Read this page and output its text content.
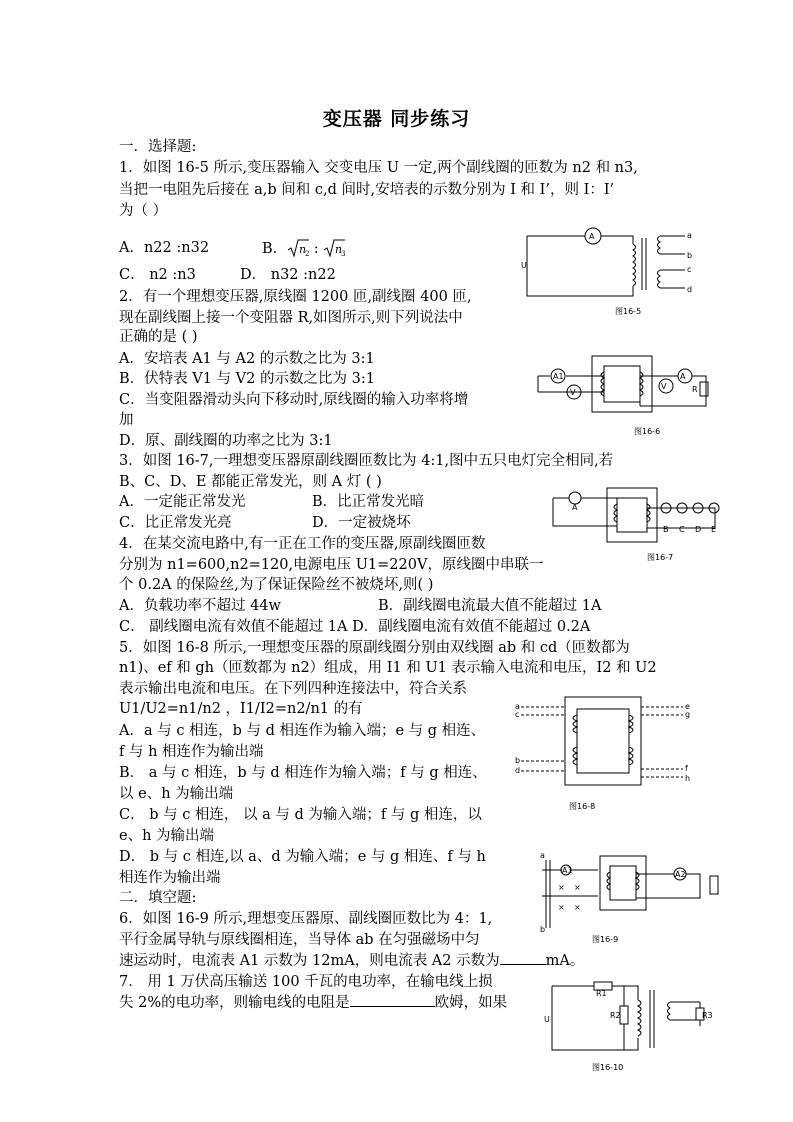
变压器 同步练习
一．选择题:
1．如图 16-5 所示,变压器输入 交变电压 U 一定,两个副线圈的匝数为 n2 和 n3,
当把一电阻先后接在 a,b 间和 c,d 间时,安培表的示数分别为 I 和 I’，则 I：I’
为（ ）
A．n22 :n32	B． n
2 : n
3
C． n2 :n3	D． n32 :n22
2．有一个理想变压器,原线圈 1200 匝,副线圈 400 匝,
现在副线圈上接一个变阻器 R,如图所示,则下列说法中
正确的是 ( )
A．安培表 A1 与 A2 的示数之比为 3:1
B．伏特表 V1 与 V2 的示数之比为 3:1
C．当变阻器滑动头向下移动时,原线圈的输入功率将增
加
D．原、副线圈的功率之比为 3:1
3．如图 16-7,一理想变压器原副线圈匝数比为 4:1,图中五只电灯完全相同,若
B、C、D、E 都能正常发光，则 A 灯 ( )
A．一定能正常发光	B．比正常发光暗
C．比正常发光亮	D．一定被烧坏
4．在某交流电路中,有一正在工作的变压器,原副线圈匝数
分别为 n1=600,n2=120,电源电压 U1=220V，原线圈中串联一
个 0.2A 的保险丝,为了保证保险丝不被烧坏,则( )
A．负载功率不超过 44w	B．副线圈电流最大值不能超过 1A
C． 副线圈电流有效值不能超过 1A D．副线圈电流有效值不能超过 0.2A
5．如图 16-8 所示,一理想变压器的原副线圈分别由双线圈 ab 和 cd（匝数都为
n1)、ef 和 gh（匝数都为 n2）组成，用 I1 和 U1 表示输入电流和电压，I2 和 U2
表示输出电流和电压。在下列四种连接法中，符合关系
U1/U2=n1/n2 ，I1/I2=n2/n1 的有
A．a 与 c 相连，b 与 d 相连作为输入端；e 与 g 相连、
f 与 h 相连作为输出端
B． a 与 c 相连，b 与 d 相连作为输入端；f 与 g 相连、
以 e、h 为输出端
C． b 与 c 相连， 以 a 与 d 为输入端；f 与 g 相连，以
e、h 为输出端
D． b 与 c 相连,以 a、d 为输入端；e 与 g 相连、f 与 h
相连作为输出端
二．填空题:
6．如图 16-9 所示,理想变压器原、副线圈匝数比为 4：1,
平行金属导轨与原线圈相连，当导体 ab 在匀强磁场中匀
速运动时，电流表 A1 示数为 12mA，则电流表 A2 示数为	mA。
7． 用 1 万伏高压输送 100 千瓦的电功率，在输电线上损
失 2%的电功率，则输电线的电阻是	欧姆，如果
A
U
a
b
c
d
图16-5
A1
V
V
A
R
图16-6
A
B C D E
图16-7
a
c
b
d
e
g
f
h
图16-8
a
b
× ×
× ×
A1	A2
图16-9
R1
U	R2	R3
图16-10
